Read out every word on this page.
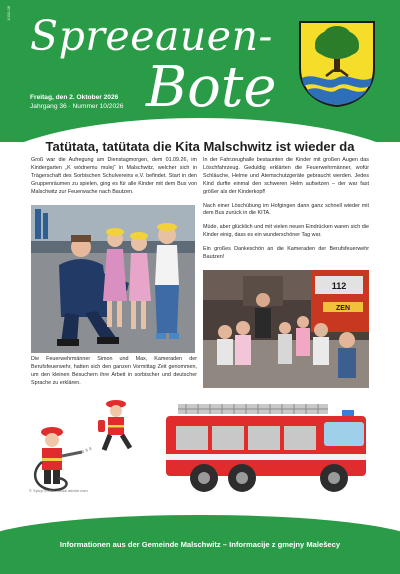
1000-08 Spreeauen-
Bote
Freitag, den 2. Oktober 2026
Jahrgang 36 · Nummer 10/2026
Tatütata, tatütata die Kita Malschwitz ist wieder da

Groß war die Aufregung am Dienstagmorgen, dem 01.09.26, im Kindergarten „K wódnemu mulej“ in Malschwitz, welcher sich in Trägerschaft des Sorbischen Schulvereins e.V. befindet. Start in den Gruppenräumen zu spielen, ging es für alle Kinder mit dem Bus von Malschwitz zur Feuerwache nach Bautzen.

Die Feuerwehrmänner Simon und Max, Kameraden der Berufsfeuerwehr, hatten sich den ganzen Vormittag Zeit genommen, um den kleinen Besuchern ihre Arbeit in sorbischer und deutscher Sprache zu erklären.

In der Fahrzeughalle bestaunten die Kinder mit großen Augen das Löschfahrzeug. Geduldig erklärten die Feuerwehrmänner, wofür Schläuche, Helme und Atemschutzgeräte gebraucht werden. Jedes Kind durfte einmal den schweren Helm aufsetzen – der war fast größer als der Kinderkopf!

Nach einer Löschübung im Hofgingen dann ganz schnell wieder mit dem Bus zurück in die KITA.

Müde, aber glücklich und mit vielen neuen Eindrücken waren sich die Kinder einig, dass es ein wunderschöner Tag war.

Ein großes Dankeschön an die Kameraden der Berufsfeuerwehr Bautzen!

112
ZEN
© SpicyTruffel - stock.adobe.com
Informationen aus der Gemeinde Malschwitz – Informacije z gmejny Malešecy
